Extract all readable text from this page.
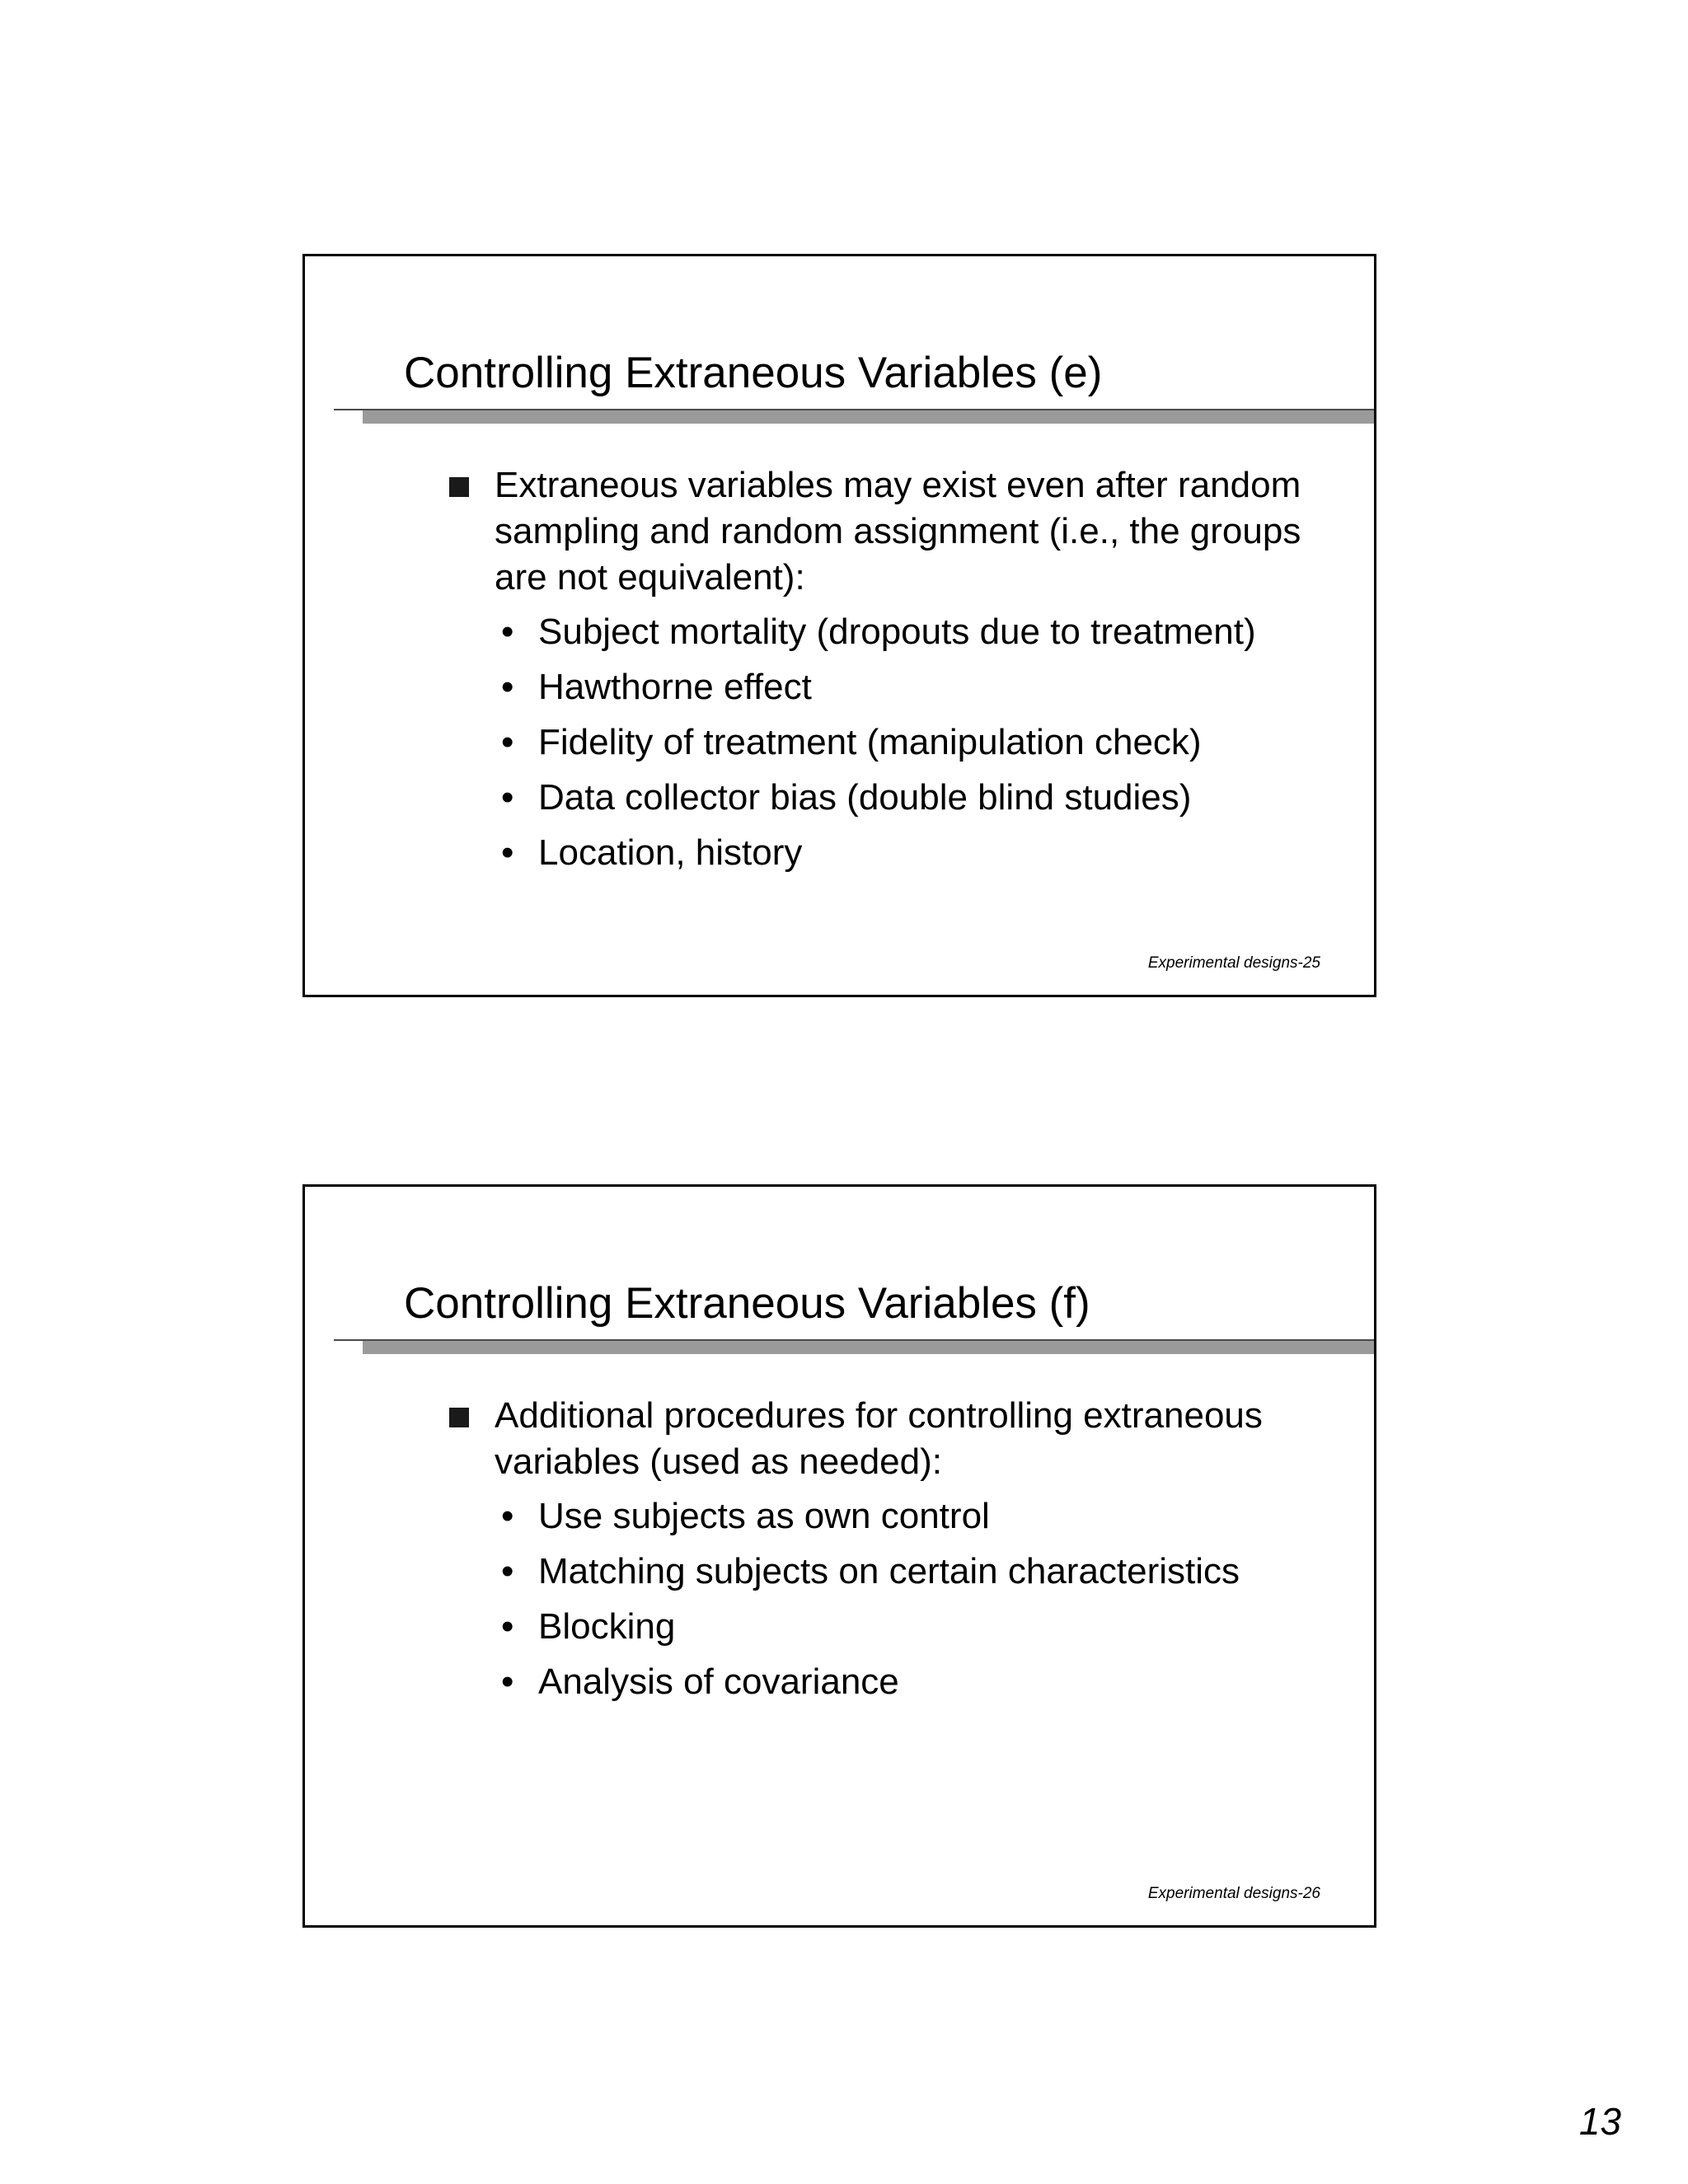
Controlling Extraneous Variables (e)

Extraneous variables may exist even after random sampling and random assignment (i.e., the groups are not equivalent):

• Subject mortality (dropouts due to treatment)
• Hawthorne effect
• Fidelity of treatment (manipulation check)
• Data collector bias (double blind studies)
• Location, history
Experimental designs-25
Controlling Extraneous Variables (f)

Additional procedures for controlling extraneous variables (used as needed):

• Use subjects as own control
• Matching subjects on certain characteristics
• Blocking
• Analysis of covariance
Experimental designs-26
13
